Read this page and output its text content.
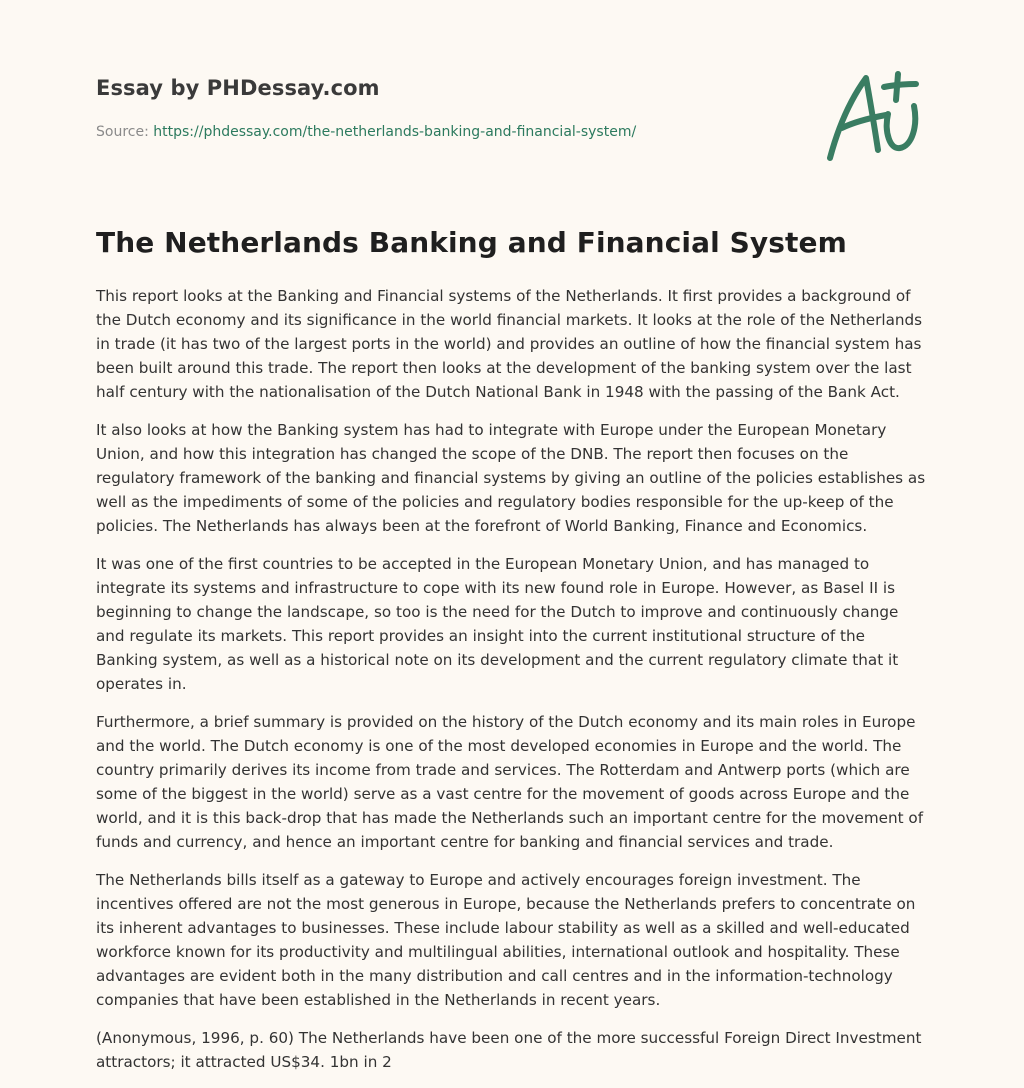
Essay by PHDessay.com
Source: https://phdessay.com/the-netherlands-banking-and-financial-system/
The Netherlands Banking and Financial System

This report looks at the Banking and Financial systems of the Netherlands. It first provides a background of the Dutch economy and its significance in the world financial markets. It looks at the role of the Netherlands in trade (it has two of the largest ports in the world) and provides an outline of how the financial system has been built around this trade. The report then looks at the development of the banking system over the last half century with the nationalisation of the Dutch National Bank in 1948 with the passing of the Bank Act.

It also looks at how the Banking system has had to integrate with Europe under the European Monetary Union, and how this integration has changed the scope of the DNB. The report then focuses on the regulatory framework of the banking and financial systems by giving an outline of the policies establishes as well as the impediments of some of the policies and regulatory bodies responsible for the up-keep of the policies. The Netherlands has always been at the forefront of World Banking, Finance and Economics.

It was one of the first countries to be accepted in the European Monetary Union, and has managed to integrate its systems and infrastructure to cope with its new found role in Europe. However, as Basel II is beginning to change the landscape, so too is the need for the Dutch to improve and continuously change and regulate its markets. This report provides an insight into the current institutional structure of the Banking system, as well as a historical note on its development and the current regulatory climate that it operates in.

Furthermore, a brief summary is provided on the history of the Dutch economy and its main roles in Europe and the world. The Dutch economy is one of the most developed economies in Europe and the world. The country primarily derives its income from trade and services. The Rotterdam and Antwerp ports (which are some of the biggest in the world) serve as a vast centre for the movement of goods across Europe and the world, and it is this back-drop that has made the Netherlands such an important centre for the movement of funds and currency, and hence an important centre for banking and financial services and trade.

The Netherlands bills itself as a gateway to Europe and actively encourages foreign investment. The incentives offered are not the most generous in Europe, because the Netherlands prefers to concentrate on its inherent advantages to businesses. These include labour stability as well as a skilled and well-educated workforce known for its productivity and multilingual abilities, international outlook and hospitality. These advantages are evident both in the many distribution and call centres and in the information-technology companies that have been established in the Netherlands in recent years.

(Anonymous, 1996, p. 60) The Netherlands have been one of the more successful Foreign Direct Investment attractors; it attracted US$34. 1bn in 2
